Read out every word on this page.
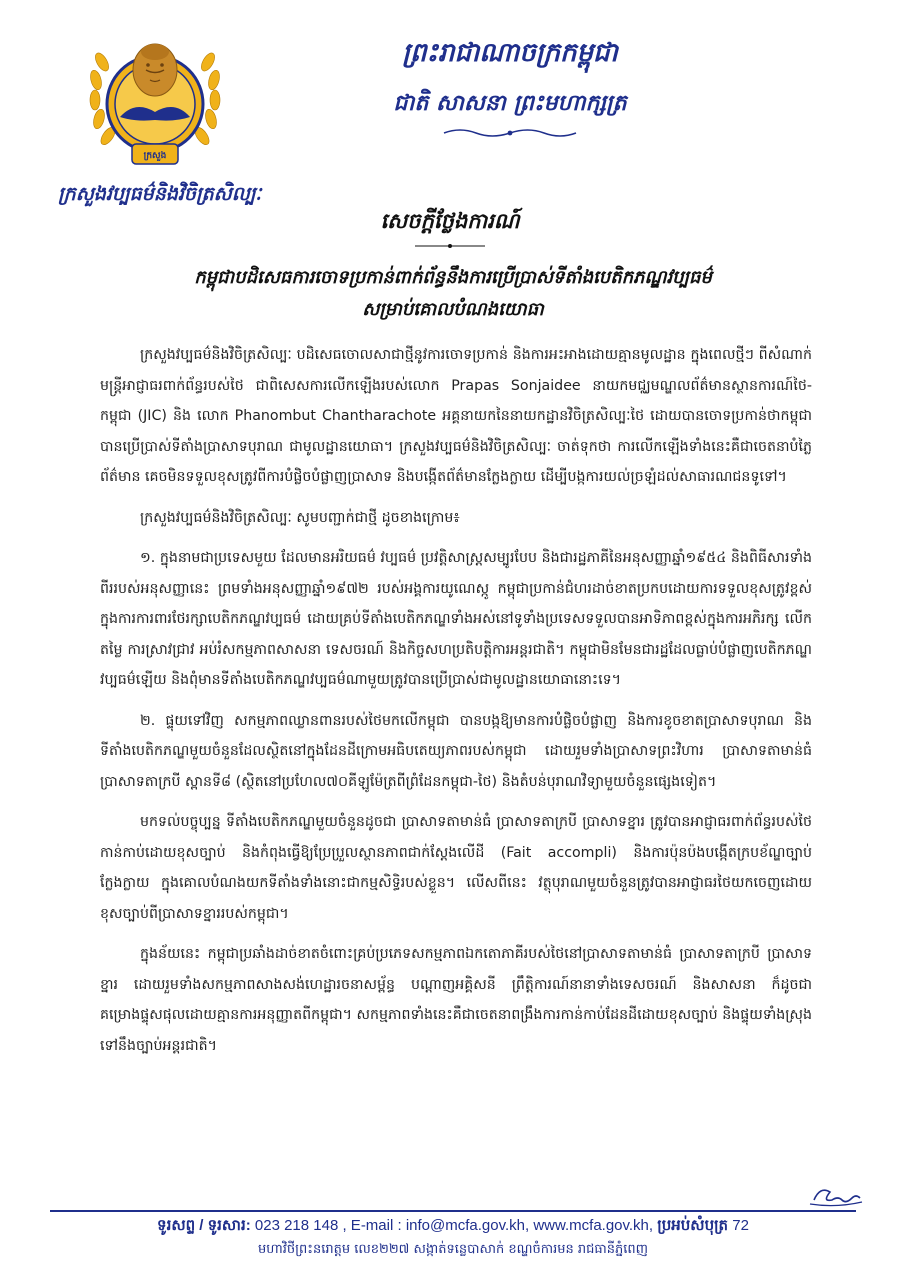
ក្រសួង
ព្រះរាជាណាចក្រកម្ពុជា
ជាតិ សាសនា ព្រះមហាក្សត្រ
ក្រសួងវប្បធម៌និងវិចិត្រសិល្បៈ
សេចក្តីថ្លែងការណ៍
កម្ពុជាបដិសេធការចោទប្រកាន់ពាក់ព័ន្ធនឹងការប្រើប្រាស់ទីតាំងបេតិកភណ្ឌវប្បធម៌
សម្រាប់គោលបំណងយោធា

ក្រសួងវប្បធម៌និងវិចិត្រសិល្បៈ បដិសេធចោលសាជាថ្មីនូវការចោទប្រកាន់ និងការអះអាងដោយគ្មានមូលដ្ឋាន ក្នុងពេលថ្មីៗ ពីសំណាក់មន្ត្រីអាជ្ញាធរពាក់ព័ន្ធរបស់ថៃ ជាពិសេសការលើកឡើងរបស់លោក Prapas Sonjaidee នាយកមជ្ឈមណ្ឌលព័ត៌មានស្ថានការណ៍ថៃ-កម្ពុជា (JIC) និង លោក Phanombut Chantharachote អគ្គនាយកនៃនាយកដ្ឋានវិចិត្រសិល្បៈថៃ ដោយបានចោទប្រកាន់ថាកម្ពុជាបានប្រើប្រាស់ទីតាំងប្រាសាទបុរាណ ជាមូលដ្ឋានយោធា។ ក្រសួងវប្បធម៌និងវិចិត្រសិល្បៈ ចាត់ទុកថា ការលើកឡើងទាំងនេះគឺជាចេតនាបំភ្លៃព័ត៌មាន គេចមិនទទួលខុសត្រូវពីការបំផ្លិចបំផ្លាញប្រាសាទ និងបង្កើតព័ត៌មានក្លែងក្លាយ ដើម្បីបង្កការយល់ច្រឡំដល់សាធារណជនទូទៅ។

ក្រសួងវប្បធម៌និងវិចិត្រសិល្បៈ សូមបញ្ជាក់ជាថ្មី ដូចខាងក្រោម៖

១. ក្នុងនាមជាប្រទេសមួយ ដែលមានអរិយធម៌ វប្បធម៌ ប្រវត្តិសាស្ត្រសម្បូរបែប និងជារដ្ឋភាគីនៃអនុសញ្ញាឆ្នាំ១៩៥៤ និងពិធីសារទាំងពីររបស់អនុសញ្ញានេះ ព្រមទាំងអនុសញ្ញាឆ្នាំ១៩៧២ របស់អង្គការយូណេស្កូ កម្ពុជាប្រកាន់ជំហរដាច់ខាតប្រកបដោយការទទួលខុសត្រូវខ្ពស់ក្នុងការការពារថែរក្សាបេតិកភណ្ឌវប្បធម៌ ដោយគ្រប់ទីតាំងបេតិកភណ្ឌទាំងអស់នៅទូទាំងប្រទេសទទួលបានអាទិភាពខ្ពស់ក្នុងការអភិរក្ស លើកតម្លៃ ការស្រាវជ្រាវ អប់រំសកម្មភាពសាសនា ទេសចរណ៍ និងកិច្ចសហប្រតិបត្តិការអន្តរជាតិ។ កម្ពុជាមិនមែនជារដ្ឋដែលធ្លាប់បំផ្លាញបេតិកភណ្ឌវប្បធម៌ឡើយ និងពុំមានទីតាំងបេតិកភណ្ឌវប្បធម៌ណាមួយត្រូវបានប្រើប្រាស់ជាមូលដ្ឋានយោធានោះទេ។

២. ផ្ទុយទៅវិញ សកម្មភាពឈ្លានពានរបស់ថៃមកលើកម្ពុជា បានបង្កឱ្យមានការបំផ្លិចបំផ្លាញ និងការខូចខាតប្រាសាទបុរាណ និងទីតាំងបេតិកភណ្ឌមួយចំនួនដែលស្ថិតនៅក្នុងដែនដីក្រោមអធិបតេយ្យភាពរបស់កម្ពុជា ដោយរួមទាំងប្រាសាទព្រះវិហារ ប្រាសាទតាមាន់ធំ ប្រាសាទតាក្របី ស្ពានទី៨ (ស្ថិតនៅប្រហែល៧០គីឡូម៉ែត្រពីព្រំដែនកម្ពុជា-ថៃ) និងតំបន់បុរាណវិទ្យាមួយចំនួនផ្សេងទៀត។

មកទល់បច្ចុប្បន្ន ទីតាំងបេតិកភណ្ឌមួយចំនួនដូចជា ប្រាសាទតាមាន់ធំ ប្រាសាទតាក្របី ប្រាសាទខ្នារ ត្រូវបានអាជ្ញាធរពាក់ព័ន្ធរបស់ថៃ កាន់កាប់ដោយខុសច្បាប់ និងកំពុងធ្វើឱ្យប្រែប្រួលស្ថានភាពជាក់ស្តែងលើដី (Fait accompli) និងការប៉ុនប៉ងបង្កើតក្របខ័ណ្ឌច្បាប់ក្លែងក្លាយ ក្នុងគោលបំណងយកទីតាំងទាំងនោះជាកម្មសិទ្ធិរបស់ខ្លួន។ លើសពីនេះ វត្ថុបុរាណមួយចំនួនត្រូវបានអាជ្ញាធរថៃយកចេញដោយខុសច្បាប់ពីប្រាសាទខ្នាររបស់កម្ពុជា។

ក្នុងន័យនេះ កម្ពុជាប្រឆាំងដាច់ខាតចំពោះគ្រប់ប្រភេទសកម្មភាពឯកតោភាគីរបស់ថៃនៅប្រាសាទតាមាន់ធំ ប្រាសាទតាក្របី ប្រាសាទខ្នារ ដោយរួមទាំងសកម្មភាពសាងសង់ហេដ្ឋារចនាសម្ព័ន្ធ បណ្តាញអគ្គិសនី ព្រឹត្តិការណ៍នានាទាំងទេសចរណ៍ និងសាសនា ក៏ដូចជាគម្រោងផ្ទុសផុលដោយគ្មានការអនុញ្ញាតពីកម្ពុជា។ សកម្មភាពទាំងនេះគឺជាចេតនាពង្រឹងការកាន់កាប់ដែនដីដោយខុសច្បាប់ និងផ្ទុយទាំងស្រុងទៅនឹងច្បាប់អន្តរជាតិ។

ទូរសព្ទ / ទូរសារ: 023 218 148 , E-mail : info@mcfa.gov.kh, www.mcfa.gov.kh, ប្រអប់សំបុត្រ 72
មហាវិថីព្រះនរោត្តម លេខ២២៧ សង្កាត់ទន្លេបាសាក់ ខណ្ឌចំការមន រាជធានីភ្នំពេញ
